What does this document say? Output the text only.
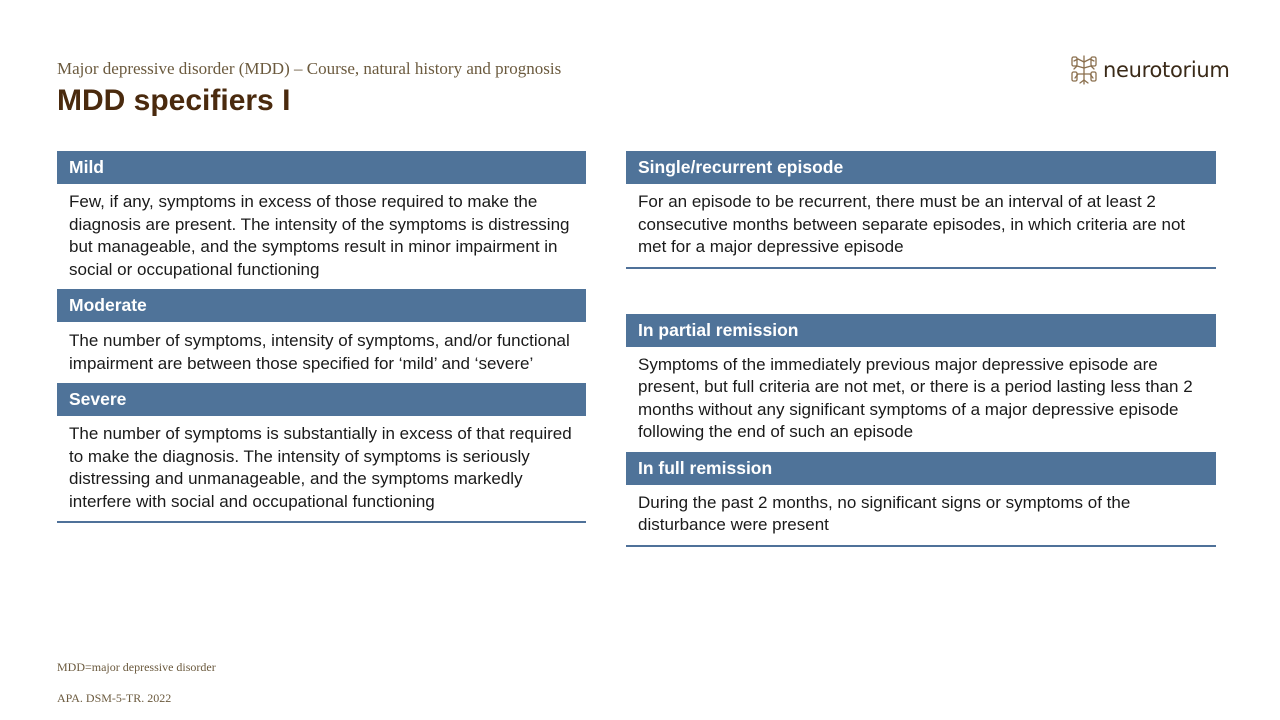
Major depressive disorder (MDD) – Course, natural history and prognosis
MDD specifiers I
neurotorium
Mild
Few, if any, symptoms in excess of those required to make the diagnosis are present. The intensity of the symptoms is distressing but manageable, and the symptoms result in minor impairment in social or occupational functioning
Moderate
The number of symptoms, intensity of symptoms, and/or functional impairment are between those specified for ‘mild’ and ‘severe’
Severe
The number of symptoms is substantially in excess of that required to make the diagnosis. The intensity of symptoms is seriously distressing and unmanageable, and the symptoms markedly interfere with social and occupational functioning
Single/recurrent episode
For an episode to be recurrent, there must be an interval of at least 2 consecutive months between separate episodes, in which criteria are not met for a major depressive episode
In partial remission
Symptoms of the immediately previous major depressive episode are present, but full criteria are not met, or there is a period lasting less than 2 months without any significant symptoms of a major depressive episode following the end of such an episode
In full remission
During the past 2 months, no significant signs or symptoms of the disturbance were present
MDD=major depressive disorder
APA. DSM-5-TR. 2022
